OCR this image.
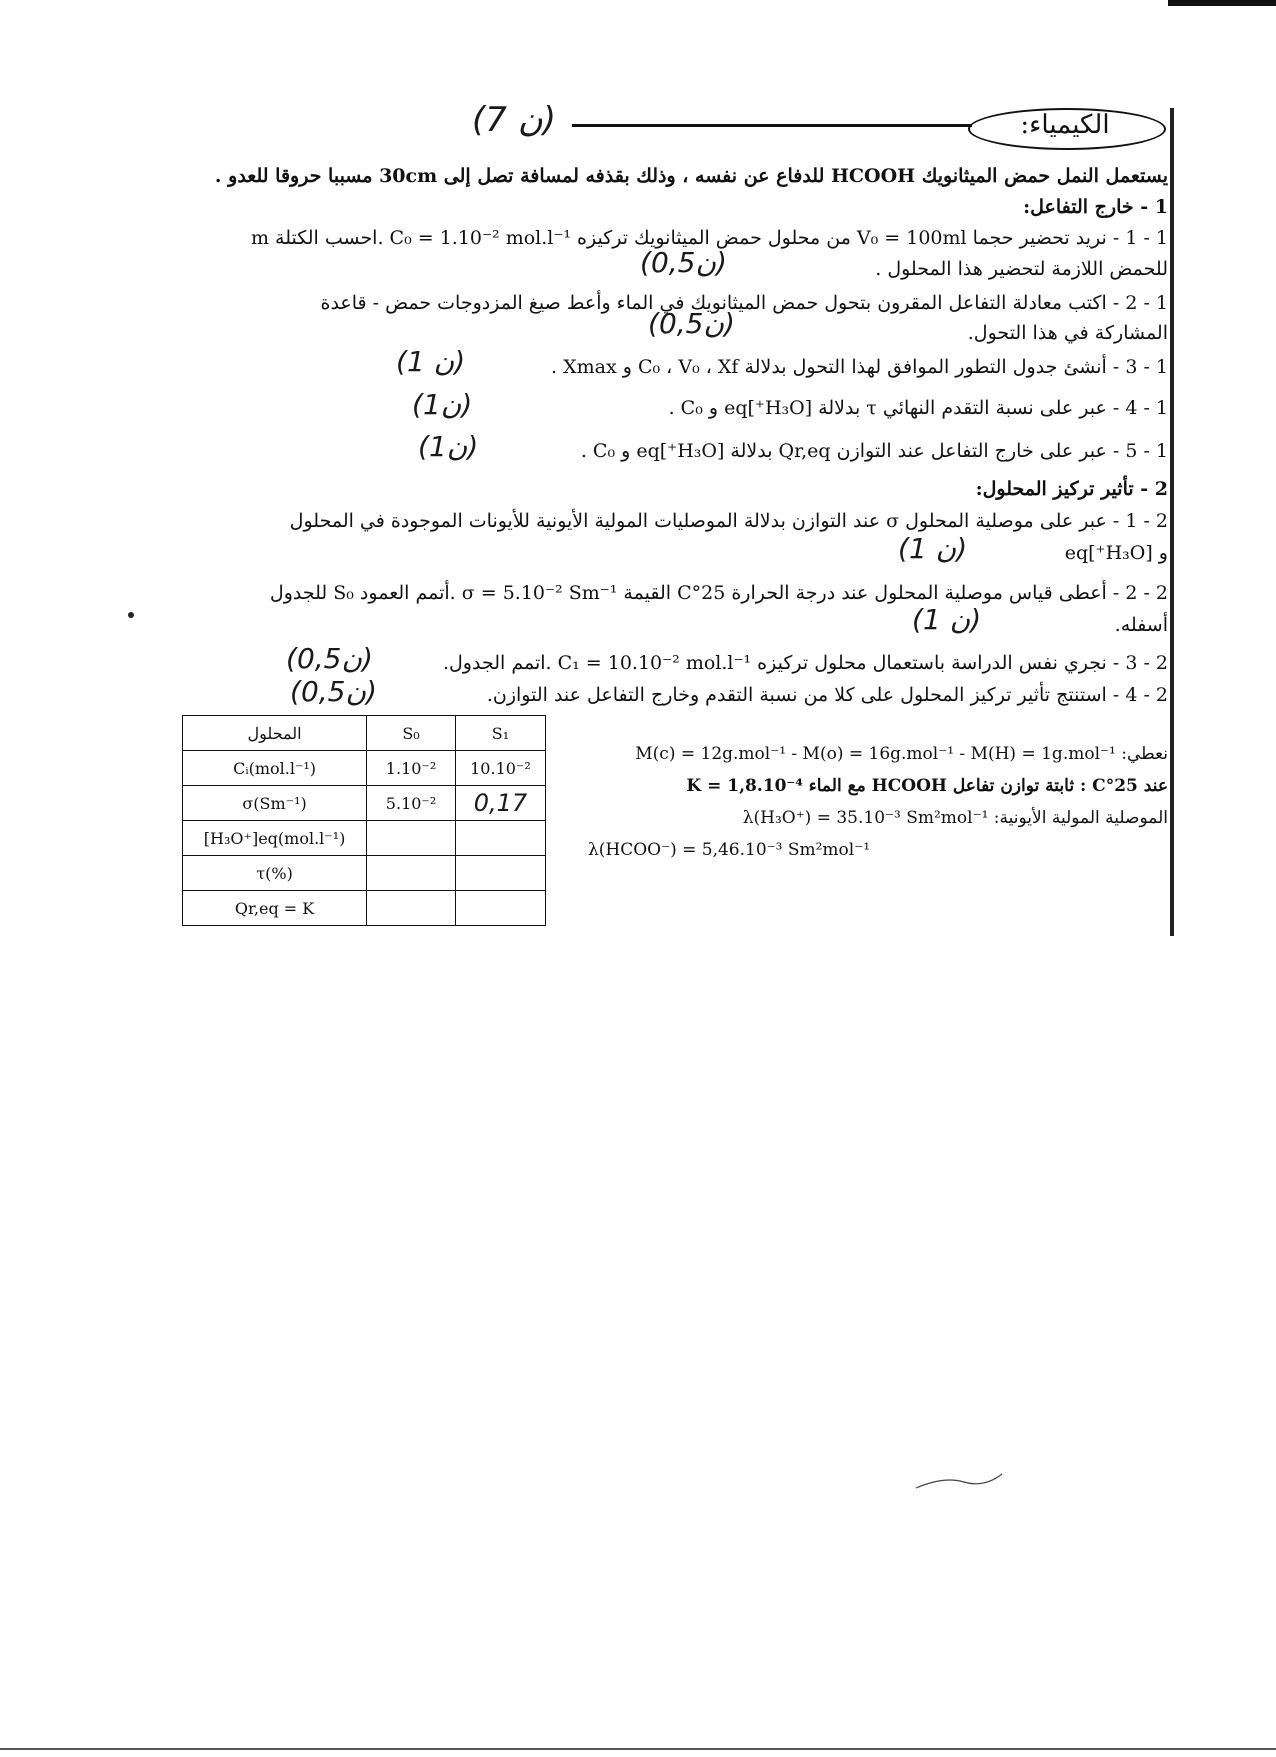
(ن 7)	الكيمياء:
يستعمل النمل حمض الميثانويك HCOOH للدفاع عن نفسه ، وذلك بقذفه لمسافة تصل إلى 30cm مسببا حروقا للعدو .
1 - خارج التفاعل:
1 - 1 - نريد تحضير حجما V₀ = 100ml من محلول حمض الميثانويك تركيزه C₀ = 1.10⁻² mol.l⁻¹ .احسب الكتلة m
للحمض اللازمة لتحضير هذا المحلول .
(ن0,5)
1 - 2 - اكتب معادلة التفاعل المقرون بتحول حمض الميثانويك في الماء وأعط صيغ المزدوجات حمض - قاعدة
المشاركة في هذا التحول.
(ن0,5)
1 - 3 - أنشئ جدول التطور الموافق لهذا التحول بدلالة C₀ ، V₀ ، Xf و Xmax .
(ن 1)
1 - 4 - عبر على نسبة التقدم النهائي τ بدلالة [H₃O⁺]eq و C₀ .
(ن1)
1 - 5 - عبر على خارج التفاعل عند التوازن Qr,eq بدلالة [H₃O⁺]eq و C₀ .
(ن1)
2 - تأثير تركيز المحلول:
2 - 1 - عبر على موصلية المحلول σ عند التوازن بدلالة الموصليات المولية الأيونية للأيونات الموجودة في المحلول
و [H₃O⁺]eq
(ن 1)
2 - 2 - أعطى قياس موصلية المحلول عند درجة الحرارة 25°C القيمة σ = 5.10⁻² Sm⁻¹ .أتمم العمود S₀ للجدول
أسفله.
(ن 1)
2 - 3 - نجري نفس الدراسة باستعمال محلول تركيزه C₁ = 10.10⁻² mol.l⁻¹ .اتمم الجدول.
(ن0,5)
2 - 4 - استنتج تأثير تركيز المحلول على كلا من نسبة التقدم وخارج التفاعل عند التوازن.
(ن0,5)
المحلول	S₀	S₁
Cᵢ(mol.l⁻¹)	1.10⁻²	10.10⁻²
σ(Sm⁻¹)	5.10⁻²	0,17
[H₃O⁺]eq(mol.l⁻¹)		
τ(%)		
Qr,eq = K		
نعطي: M(c) = 12g.mol⁻¹ - M(o) = 16g.mol⁻¹ - M(H) = 1g.mol⁻¹
عند 25°C : ثابتة توازن تفاعل HCOOH مع الماء K = 1,8.10⁻⁴
الموصلية المولية الأيونية: λ(H₃O⁺) = 35.10⁻³ Sm²mol⁻¹
λ(HCOO⁻) = 5,46.10⁻³ Sm²mol⁻¹
